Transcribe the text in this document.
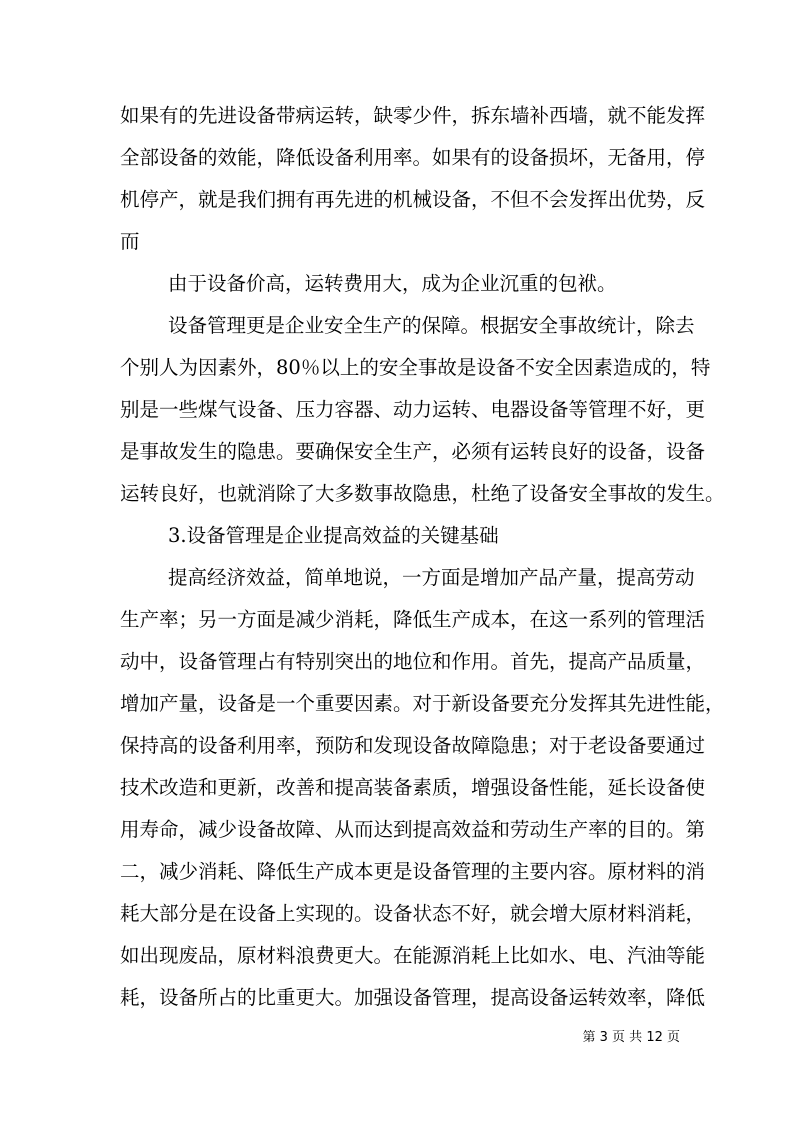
如果有的先进设备带病运转，缺零少件，拆东墙补西墙，就不能发挥
全部设备的效能，降低设备利用率。如果有的设备损坏，无备用，停
机停产，就是我们拥有再先进的机械设备，不但不会发挥出优势，反
而
由于设备价高，运转费用大，成为企业沉重的包袱。
设备管理更是企业安全生产的保障。根据安全事故统计，除去
个别人为因素外，80％以上的安全事故是设备不安全因素造成的，特
别是一些煤气设备、压力容器、动力运转、电器设备等管理不好，更
是事故发生的隐患。要确保安全生产，必须有运转良好的设备，设备
运转良好，也就消除了大多数事故隐患，杜绝了设备安全事故的发生。
3.设备管理是企业提高效益的关键基础
提高经济效益，简单地说，一方面是增加产品产量，提高劳动
生产率；另一方面是减少消耗，降低生产成本，在这一系列的管理活
动中，设备管理占有特别突出的地位和作用。首先，提高产品质量，
增加产量，设备是一个重要因素。对于新设备要充分发挥其先进性能，
保持高的设备利用率，预防和发现设备故障隐患；对于老设备要通过
技术改造和更新，改善和提高装备素质，增强设备性能，延长设备使
用寿命，减少设备故障、从而达到提高效益和劳动生产率的目的。第
二，减少消耗、降低生产成本更是设备管理的主要内容。原材料的消
耗大部分是在设备上实现的。设备状态不好，就会增大原材料消耗，
如出现废品，原材料浪费更大。在能源消耗上比如水、电、汽油等能
耗，设备所占的比重更大。加强设备管理，提高设备运转效率，降低
第 3 页 共 12 页
